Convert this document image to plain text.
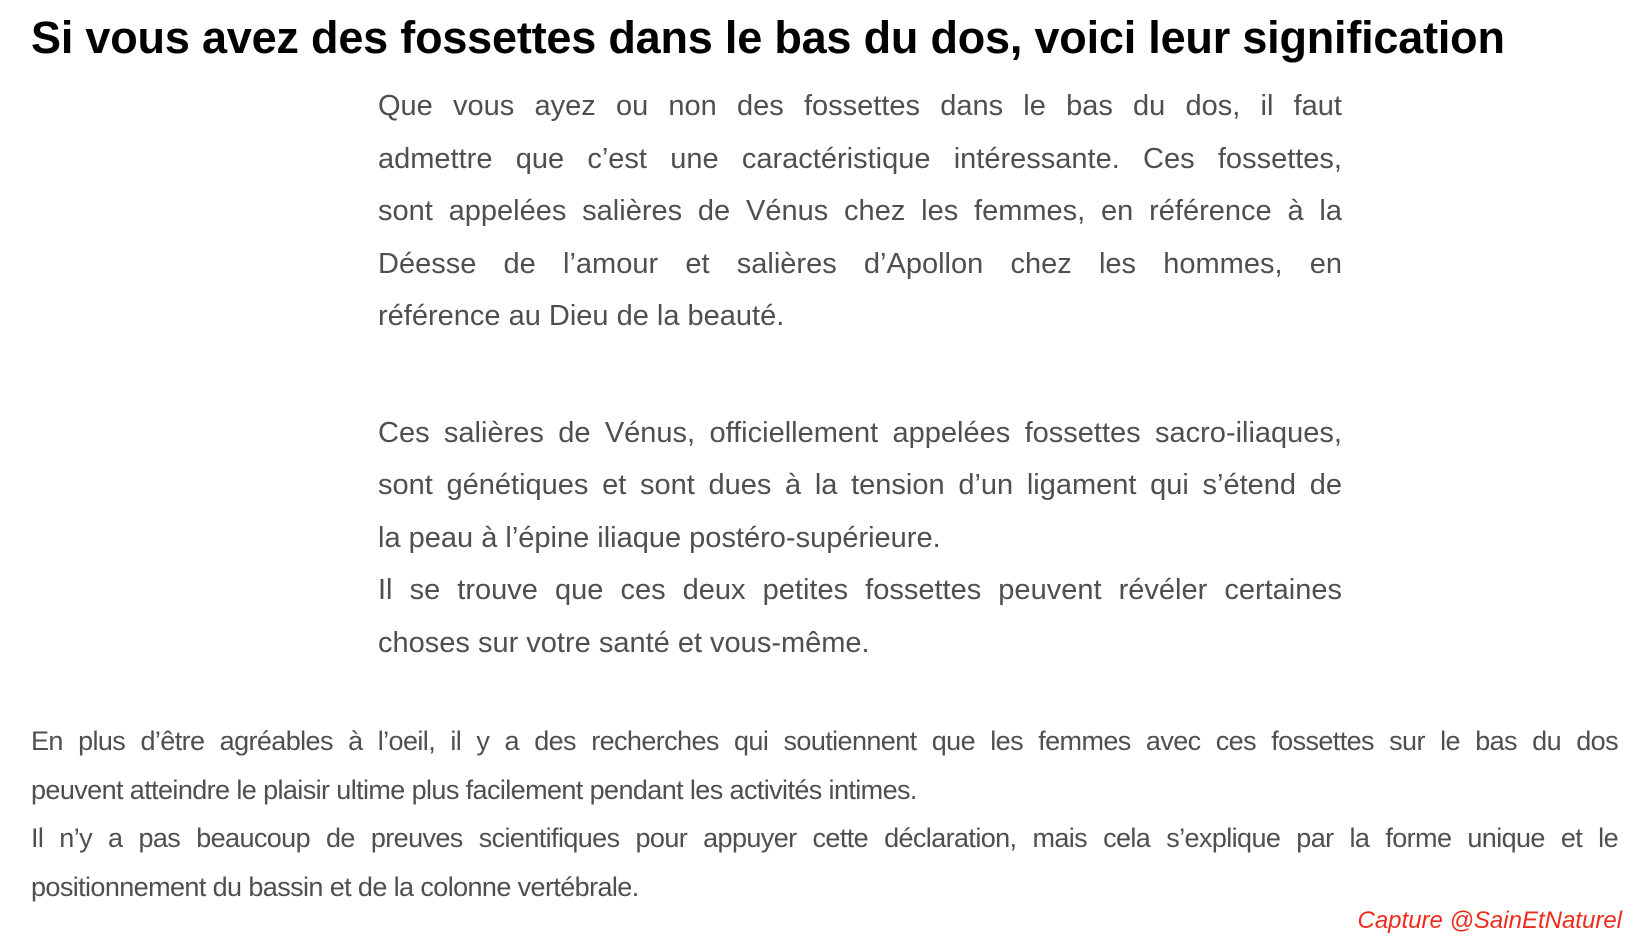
Si vous avez des fossettes dans le bas du dos, voici leur signification

Que vous ayez ou non des fossettes dans le bas du dos, il faut
admettre que c’est une caractéristique intéressante. Ces fossettes,
sont appelées salières de Vénus chez les femmes, en référence à la
Déesse de l’amour et salières d’Apollon chez les hommes, en
référence au Dieu de la beauté.

Ces salières de Vénus, officiellement appelées fossettes sacro-iliaques,
sont génétiques et sont dues à la tension d’un ligament qui s’étend de
la peau à l’épine iliaque postéro-supérieure.
Il se trouve que ces deux petites fossettes peuvent révéler certaines
choses sur votre santé et vous-même.

En plus d’être agréables à l’oeil, il y a des recherches qui soutiennent que les femmes avec ces fossettes sur le bas du dos
peuvent atteindre le plaisir ultime plus facilement pendant les activités intimes.
Il n’y a pas beaucoup de preuves scientifiques pour appuyer cette déclaration, mais cela s’explique par la forme unique et le
positionnement du bassin et de la colonne vertébrale.
Capture @SainEtNaturel
